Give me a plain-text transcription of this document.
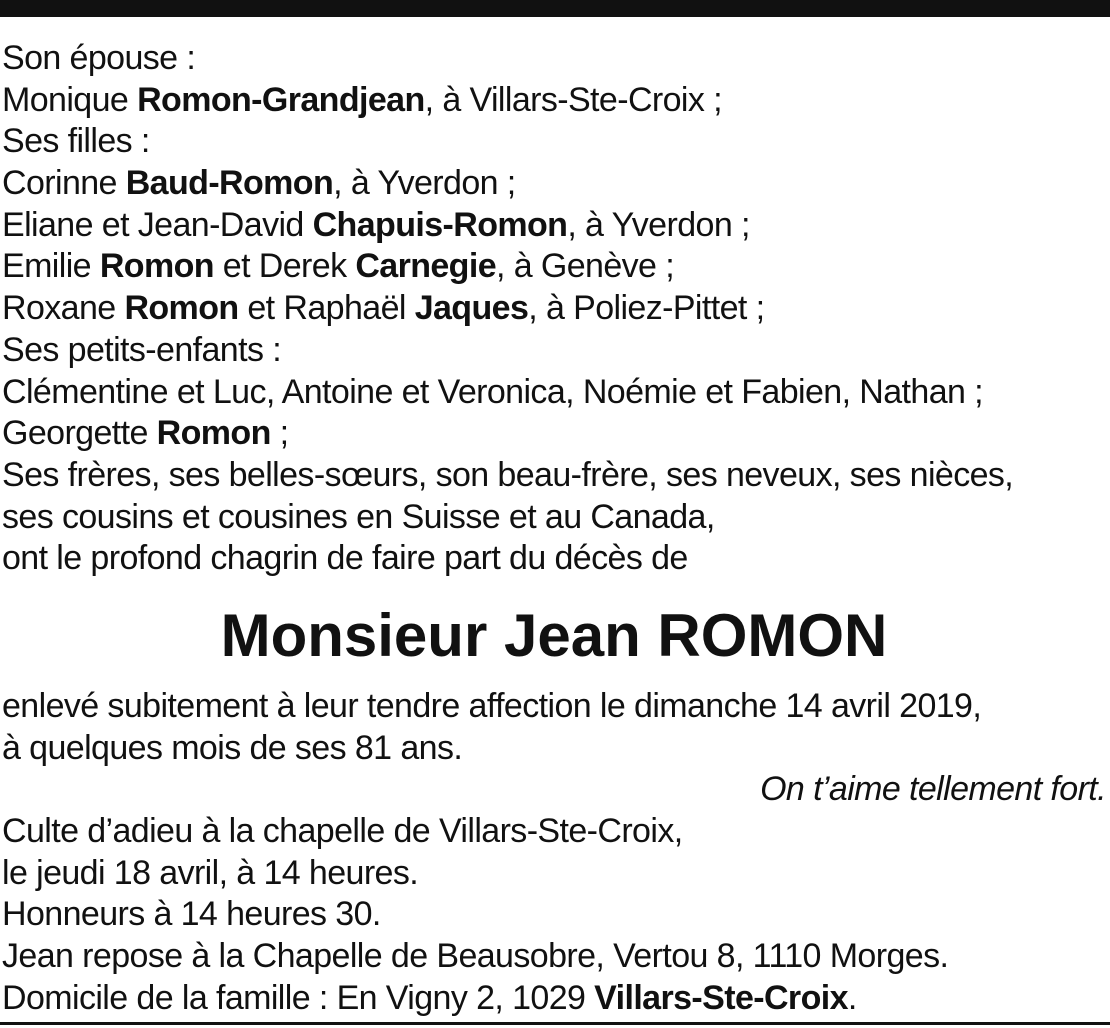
Son épouse :
Monique Romon-Grandjean, à Villars-Ste-Croix ;
Ses filles :
Corinne Baud-Romon, à Yverdon ;
Eliane et Jean-David Chapuis-Romon, à Yverdon ;
Emilie Romon et Derek Carnegie, à Genève ;
Roxane Romon et Raphaël Jaques, à Poliez-Pittet ;
Ses petits-enfants :
Clémentine et Luc, Antoine et Veronica, Noémie et Fabien, Nathan ;
Georgette Romon ;
Ses frères, ses belles-sœurs, son beau-frère, ses neveux, ses nièces,
ses cousins et cousines en Suisse et au Canada,
ont le profond chagrin de faire part du décès de
Monsieur Jean ROMON
enlevé subitement à leur tendre affection le dimanche 14 avril 2019,
à quelques mois de ses 81 ans.
On t’aime tellement fort.
Culte d’adieu à la chapelle de Villars-Ste-Croix,
le jeudi 18 avril, à 14 heures.
Honneurs à 14 heures 30.
Jean repose à la Chapelle de Beausobre, Vertou 8, 1110 Morges.
Domicile de la famille : En Vigny 2, 1029 Villars-Ste-Croix.
